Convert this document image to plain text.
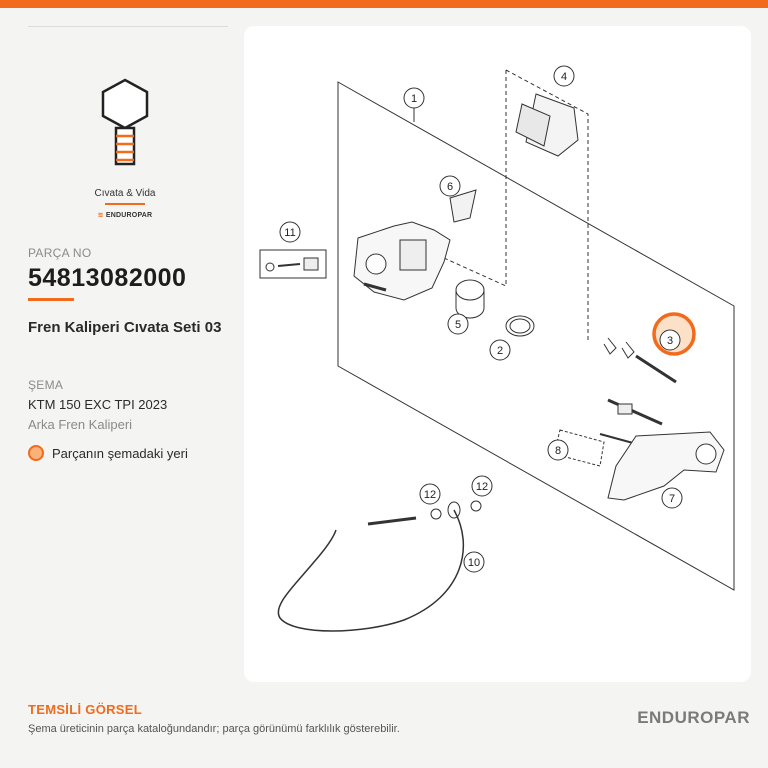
Cıvata & Vida
≋ ENDUROPAR
PARÇA NO
54813082000
Fren Kaliperi Cıvata Seti 03
ŞEMA
KTM 150 EXC TPI 2023
Arka Fren Kaliperi
Parçanın şemadaki yeri
1
4
6
11
5
2
3
8
7
12
12
10
TEMSİLİ GÖRSEL
Şema üreticinin parça kataloğundandır; parça görünümü farklılık gösterebilir.
ENDUROPAR
